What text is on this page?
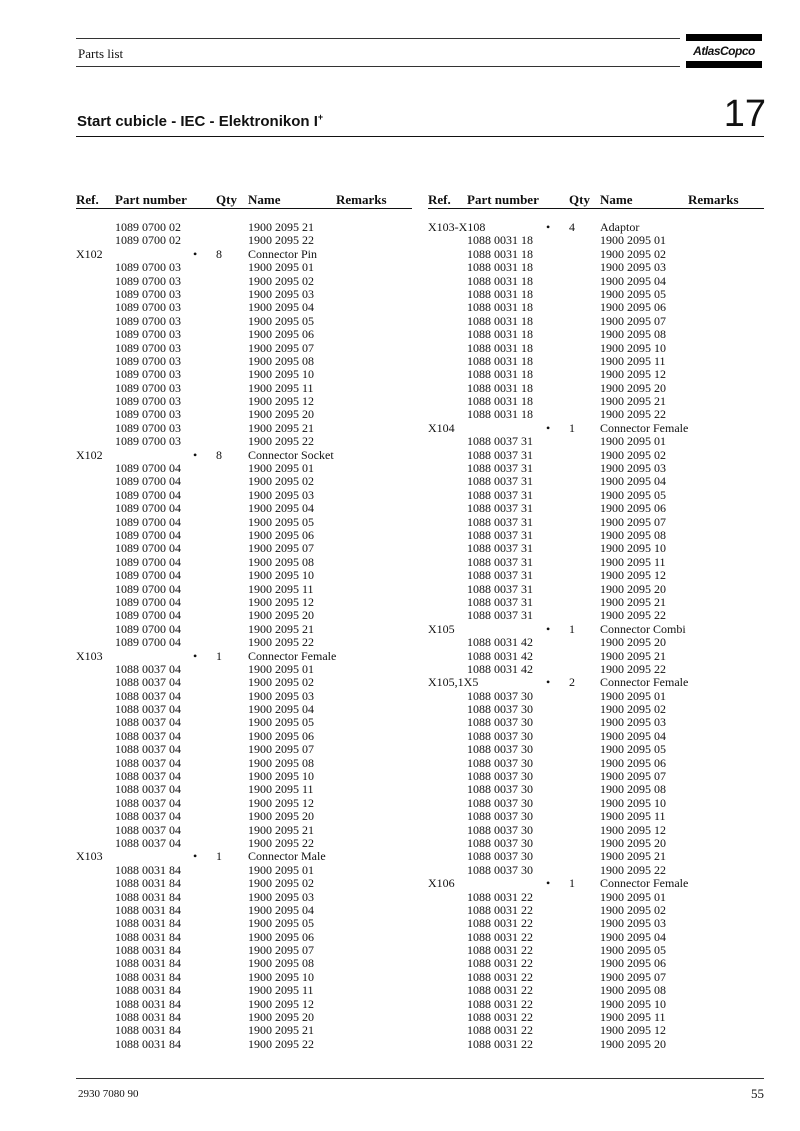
Parts list	AtlasCopco
Start cubicle - IEC - Elektronikon I+	17
Ref. Part number Qty Name	Remarks
1089 0700 02	1900 2095 21
1089 0700 02	1900 2095 22
X102	• 8 Connector Pin
1089 0700 03	1900 2095 01
1089 0700 03	1900 2095 02
1089 0700 03	1900 2095 03
1089 0700 03	1900 2095 04
1089 0700 03	1900 2095 05
1089 0700 03	1900 2095 06
1089 0700 03	1900 2095 07
1089 0700 03	1900 2095 08
1089 0700 03	1900 2095 10
1089 0700 03	1900 2095 11
1089 0700 03	1900 2095 12
1089 0700 03	1900 2095 20
1089 0700 03	1900 2095 21
1089 0700 03	1900 2095 22
X102	• 8 Connector Socket
1089 0700 04	1900 2095 01
1089 0700 04	1900 2095 02
1089 0700 04	1900 2095 03
1089 0700 04	1900 2095 04
1089 0700 04	1900 2095 05
1089 0700 04	1900 2095 06
1089 0700 04	1900 2095 07
1089 0700 04	1900 2095 08
1089 0700 04	1900 2095 10
1089 0700 04	1900 2095 11
1089 0700 04	1900 2095 12
1089 0700 04	1900 2095 20
1089 0700 04	1900 2095 21
1089 0700 04	1900 2095 22
X103	• 1 Connector Female
1088 0037 04	1900 2095 01
1088 0037 04	1900 2095 02
1088 0037 04	1900 2095 03
1088 0037 04	1900 2095 04
1088 0037 04	1900 2095 05
1088 0037 04	1900 2095 06
1088 0037 04	1900 2095 07
1088 0037 04	1900 2095 08
1088 0037 04	1900 2095 10
1088 0037 04	1900 2095 11
1088 0037 04	1900 2095 12
1088 0037 04	1900 2095 20
1088 0037 04	1900 2095 21
1088 0037 04	1900 2095 22
X103	• 1 Connector Male
1088 0031 84	1900 2095 01
1088 0031 84	1900 2095 02
1088 0031 84	1900 2095 03
1088 0031 84	1900 2095 04
1088 0031 84	1900 2095 05
1088 0031 84	1900 2095 06
1088 0031 84	1900 2095 07
1088 0031 84	1900 2095 08
1088 0031 84	1900 2095 10
1088 0031 84	1900 2095 11
1088 0031 84	1900 2095 12
1088 0031 84	1900 2095 20
1088 0031 84	1900 2095 21
1088 0031 84	1900 2095 22
Ref. Part number Qty Name	Remarks
X103-X108	• 4 Adaptor
1088 0031 18	1900 2095 01
1088 0031 18	1900 2095 02
1088 0031 18	1900 2095 03
1088 0031 18	1900 2095 04
1088 0031 18	1900 2095 05
1088 0031 18	1900 2095 06
1088 0031 18	1900 2095 07
1088 0031 18	1900 2095 08
1088 0031 18	1900 2095 10
1088 0031 18	1900 2095 11
1088 0031 18	1900 2095 12
1088 0031 18	1900 2095 20
1088 0031 18	1900 2095 21
1088 0031 18	1900 2095 22
X104	• 1 Connector Female
1088 0037 31	1900 2095 01
1088 0037 31	1900 2095 02
1088 0037 31	1900 2095 03
1088 0037 31	1900 2095 04
1088 0037 31	1900 2095 05
1088 0037 31	1900 2095 06
1088 0037 31	1900 2095 07
1088 0037 31	1900 2095 08
1088 0037 31	1900 2095 10
1088 0037 31	1900 2095 11
1088 0037 31	1900 2095 12
1088 0037 31	1900 2095 20
1088 0037 31	1900 2095 21
1088 0037 31	1900 2095 22
X105	• 1 Connector Combi
1088 0031 42	1900 2095 20
1088 0031 42	1900 2095 21
1088 0031 42	1900 2095 22
X105,1X5	• 2 Connector Female
1088 0037 30	1900 2095 01
1088 0037 30	1900 2095 02
1088 0037 30	1900 2095 03
1088 0037 30	1900 2095 04
1088 0037 30	1900 2095 05
1088 0037 30	1900 2095 06
1088 0037 30	1900 2095 07
1088 0037 30	1900 2095 08
1088 0037 30	1900 2095 10
1088 0037 30	1900 2095 11
1088 0037 30	1900 2095 12
1088 0037 30	1900 2095 20
1088 0037 30	1900 2095 21
1088 0037 30	1900 2095 22
X106	• 1 Connector Female
1088 0031 22	1900 2095 01
1088 0031 22	1900 2095 02
1088 0031 22	1900 2095 03
1088 0031 22	1900 2095 04
1088 0031 22	1900 2095 05
1088 0031 22	1900 2095 06
1088 0031 22	1900 2095 07
1088 0031 22	1900 2095 08
1088 0031 22	1900 2095 10
1088 0031 22	1900 2095 11
1088 0031 22	1900 2095 12
1088 0031 22	1900 2095 20
2930 7080 90	55
